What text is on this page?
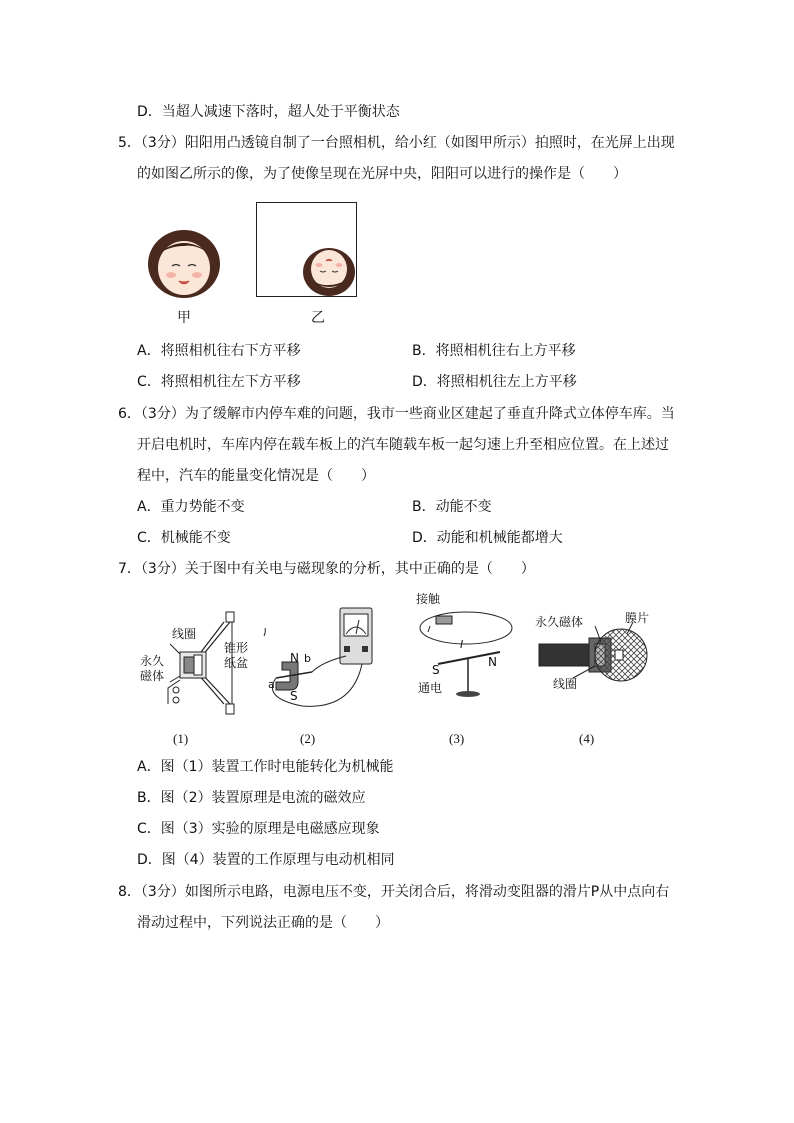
D．当超人减速下落时，超人处于平衡状态
5．（3分）阳阳用凸透镜自制了一台照相机，给小红（如图甲所示）拍照时，在光屏上出现
的如图乙所示的像，为了使像呈现在光屏中央，阳阳可以进行的操作是（　　）
甲	乙
A．将照相机往右下方平移	B．将照相机往右上方平移
C．将照相机往左下方平移	D．将照相机往左上方平移
6．（3分）为了缓解市内停车难的问题，我市一些商业区建起了垂直升降式立体停车库。当
开启电机时，车库内停在载车板上的汽车随载车板一起匀速上升至相应位置。在上述过
程中，汽车的能量变化情况是（　　）
A．重力势能不变	B．动能不变
C．机械能不变	D．动能和机械能都增大
7．（3分）关于图中有关电与磁现象的分析，其中正确的是（　　）
线圈
永久
磁体
锥形
纸盆	N b
a
S
接触
I
S
N
通电
永久磁体	膜片
线圈
(1)	(2)	(3)	(4)
A．图（1）装置工作时电能转化为机械能
B．图（2）装置原理是电流的磁效应
C．图（3）实验的原理是电磁感应现象
D．图（4）装置的工作原理与电动机相同
8．（3分）如图所示电路，电源电压不变，开关闭合后，将滑动变阻器的滑片P从中点向右
滑动过程中，下列说法正确的是（　　）
